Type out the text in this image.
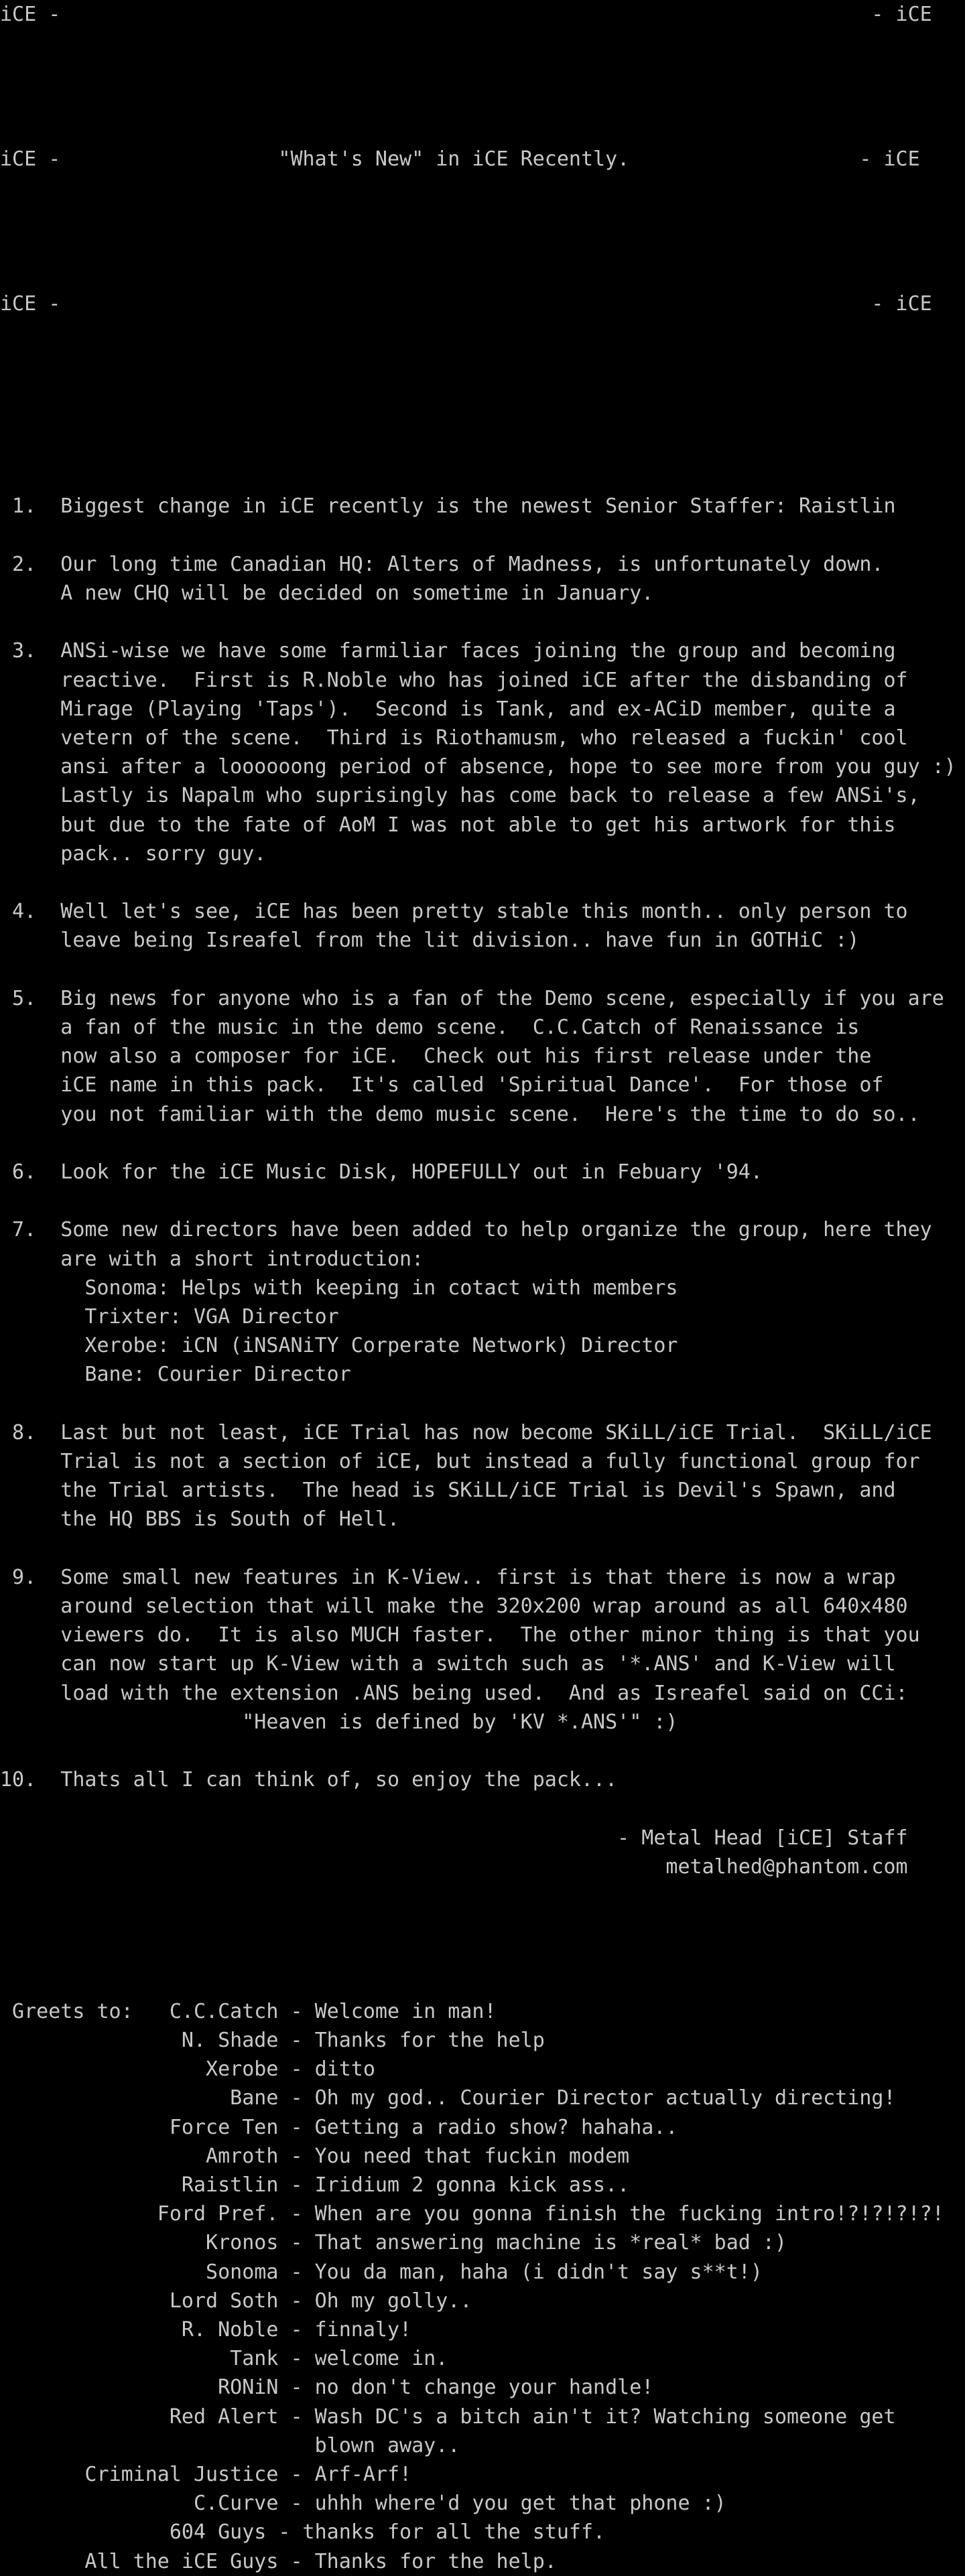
iCE -                                                                   - iCE
iCE -                  "What's New" in iCE Recently.                   - iCE
iCE -                                                                   - iCE
1.  Biggest change in iCE recently is the newest Senior Staffer: Raistlin
2.  Our long time Canadian HQ: Alters of Madness, is unfortunately down.
A new CHQ will be decided on sometime in January.
3.  ANSi-wise we have some farmiliar faces joining the group and becoming
reactive.  First is R.Noble who has joined iCE after the disbanding of
Mirage (Playing 'Taps').  Second is Tank, and ex-ACiD member, quite a
vetern of the scene.  Third is Riothamusm, who released a fuckin' cool
ansi after a loooooong period of absence, hope to see more from you guy :)
Lastly is Napalm who suprisingly has come back to release a few ANSi's,
but due to the fate of AoM I was not able to get his artwork for this
pack.. sorry guy.
4.  Well let's see, iCE has been pretty stable this month.. only person to
leave being Isreafel from the lit division.. have fun in GOTHiC :)
5.  Big news for anyone who is a fan of the Demo scene, especially if you are
a fan of the music in the demo scene.  C.C.Catch of Renaissance is
now also a composer for iCE.  Check out his first release under the
iCE name in this pack.  It's called 'Spiritual Dance'.  For those of
you not familiar with the demo music scene.  Here's the time to do so..
6.  Look for the iCE Music Disk, HOPEFULLY out in Febuary '94.
7.  Some new directors have been added to help organize the group, here they
are with a short introduction:
Sonoma: Helps with keeping in cotact with members
Trixter: VGA Director
Xerobe: iCN (iNSANiTY Corperate Network) Director
Bane: Courier Director
8.  Last but not least, iCE Trial has now become SKiLL/iCE Trial.  SKiLL/iCE
Trial is not a section of iCE, but instead a fully functional group for
the Trial artists.  The head is SKiLL/iCE Trial is Devil's Spawn, and
the HQ BBS is South of Hell.
9.  Some small new features in K-View.. first is that there is now a wrap
around selection that will make the 320x200 wrap around as all 640x480
viewers do.  It is also MUCH faster.  The other minor thing is that you
can now start up K-View with a switch such as '*.ANS' and K-View will
load with the extension .ANS being used.  And as Isreafel said on CCi:
"Heaven is defined by 'KV *.ANS'" :)
10.  Thats all I can think of, so enjoy the pack...
- Metal Head [iCE] Staff
metalhed@phantom.com
Greets to:   C.C.Catch - Welcome in man!
N. Shade - Thanks for the help
Xerobe - ditto
Bane - Oh my god.. Courier Director actually directing!
Force Ten - Getting a radio show? hahaha..
Amroth - You need that fuckin modem
Raistlin - Iridium 2 gonna kick ass..
Ford Pref. - When are you gonna finish the fucking intro!?!?!?!?!
Kronos - That answering machine is *real* bad :)
Sonoma - You da man, haha (i didn't say s**t!)
Lord Soth - Oh my golly..
R. Noble - finnaly!
Tank - welcome in.
RONiN - no don't change your handle!
Red Alert - Wash DC's a bitch ain't it? Watching someone get
blown away..
Criminal Justice - Arf-Arf!
C.Curve - uhhh where'd you get that phone :)
604 Guys - thanks for all the stuff.
All the iCE Guys - Thanks for the help.
